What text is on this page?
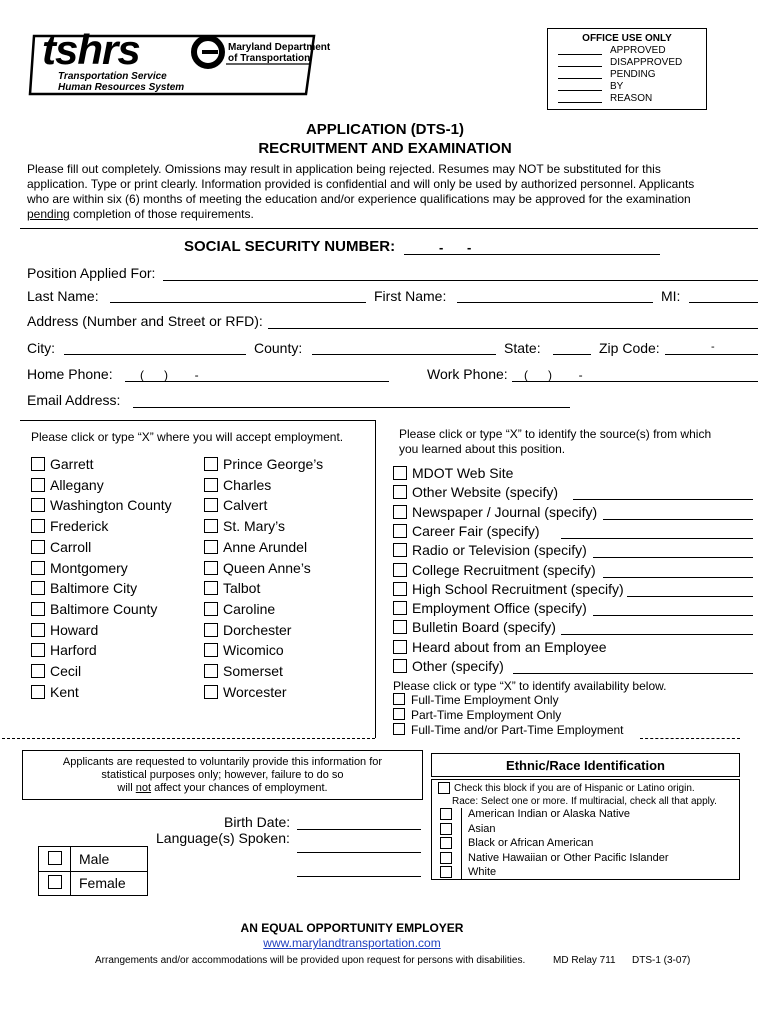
tshrs
Transportation Service
Human Resources System
Maryland Department
of Transportation
OFFICE USE ONLY
APPROVED
DISAPPROVED
PENDING
BY
REASON
APPLICATION (DTS-1)
RECRUITMENT AND EXAMINATION
Please fill out completely. Omissions may result in application being rejected. Resumes may NOT be substituted for this
application. Type or print clearly. Information provided is confidential and will only be used by authorized personnel. Applicants
who are within six (6) months of meeting the education and/or experience qualifications may be approved for the examination
pending completion of those requirements.
SOCIAL SECURITY NUMBER:	- -
Position Applied For:
Last Name:	First Name:	MI:
Address (Number and Street or RFD):
City:	County:	State:	Zip Code:	-
Home Phone: (      )        -	Work Phone: (      )        -
Email Address:
Please click or type “X” where you will accept employment.
Garrett
Allegany
Washington County
Frederick
Carroll
Montgomery
Baltimore City
Baltimore County
Howard
Harford
Cecil
Kent
Prince George’s
Charles
Calvert
St. Mary’s
Anne Arundel
Queen Anne’s
Talbot
Caroline
Dorchester
Wicomico
Somerset
Worcester
Please click or type “X” to identify the source(s) from which
you learned about this position.
MDOT Web Site
Other Website (specify)
Newspaper / Journal (specify)
Career Fair (specify)
Radio or Television (specify)
College Recruitment (specify)
High School Recruitment (specify)
Employment Office (specify)
Bulletin Board (specify)
Heard about from an Employee
Other (specify)
Please click or type “X” to identify availability below.
Full-Time Employment Only
Part-Time Employment Only
Full-Time and/or Part-Time Employment
Applicants are requested to voluntarily provide this information for
statistical purposes only; however, failure to do so
will not affect your chances of employment.
Birth Date:
Language(s) Spoken:
Male
Female
Ethnic/Race Identification
Check this block if you are of Hispanic or Latino origin.
Race: Select one or more. If multiracial, check all that apply.
American Indian or Alaska Native
Asian
Black or African American
Native Hawaiian or Other Pacific Islander
White
AN EQUAL OPPORTUNITY EMPLOYER
www.marylandtransportation.com
Arrangements and/or accommodations will be provided upon request for persons with disabilities.	MD Relay 711 DTS-1 (3-07)
